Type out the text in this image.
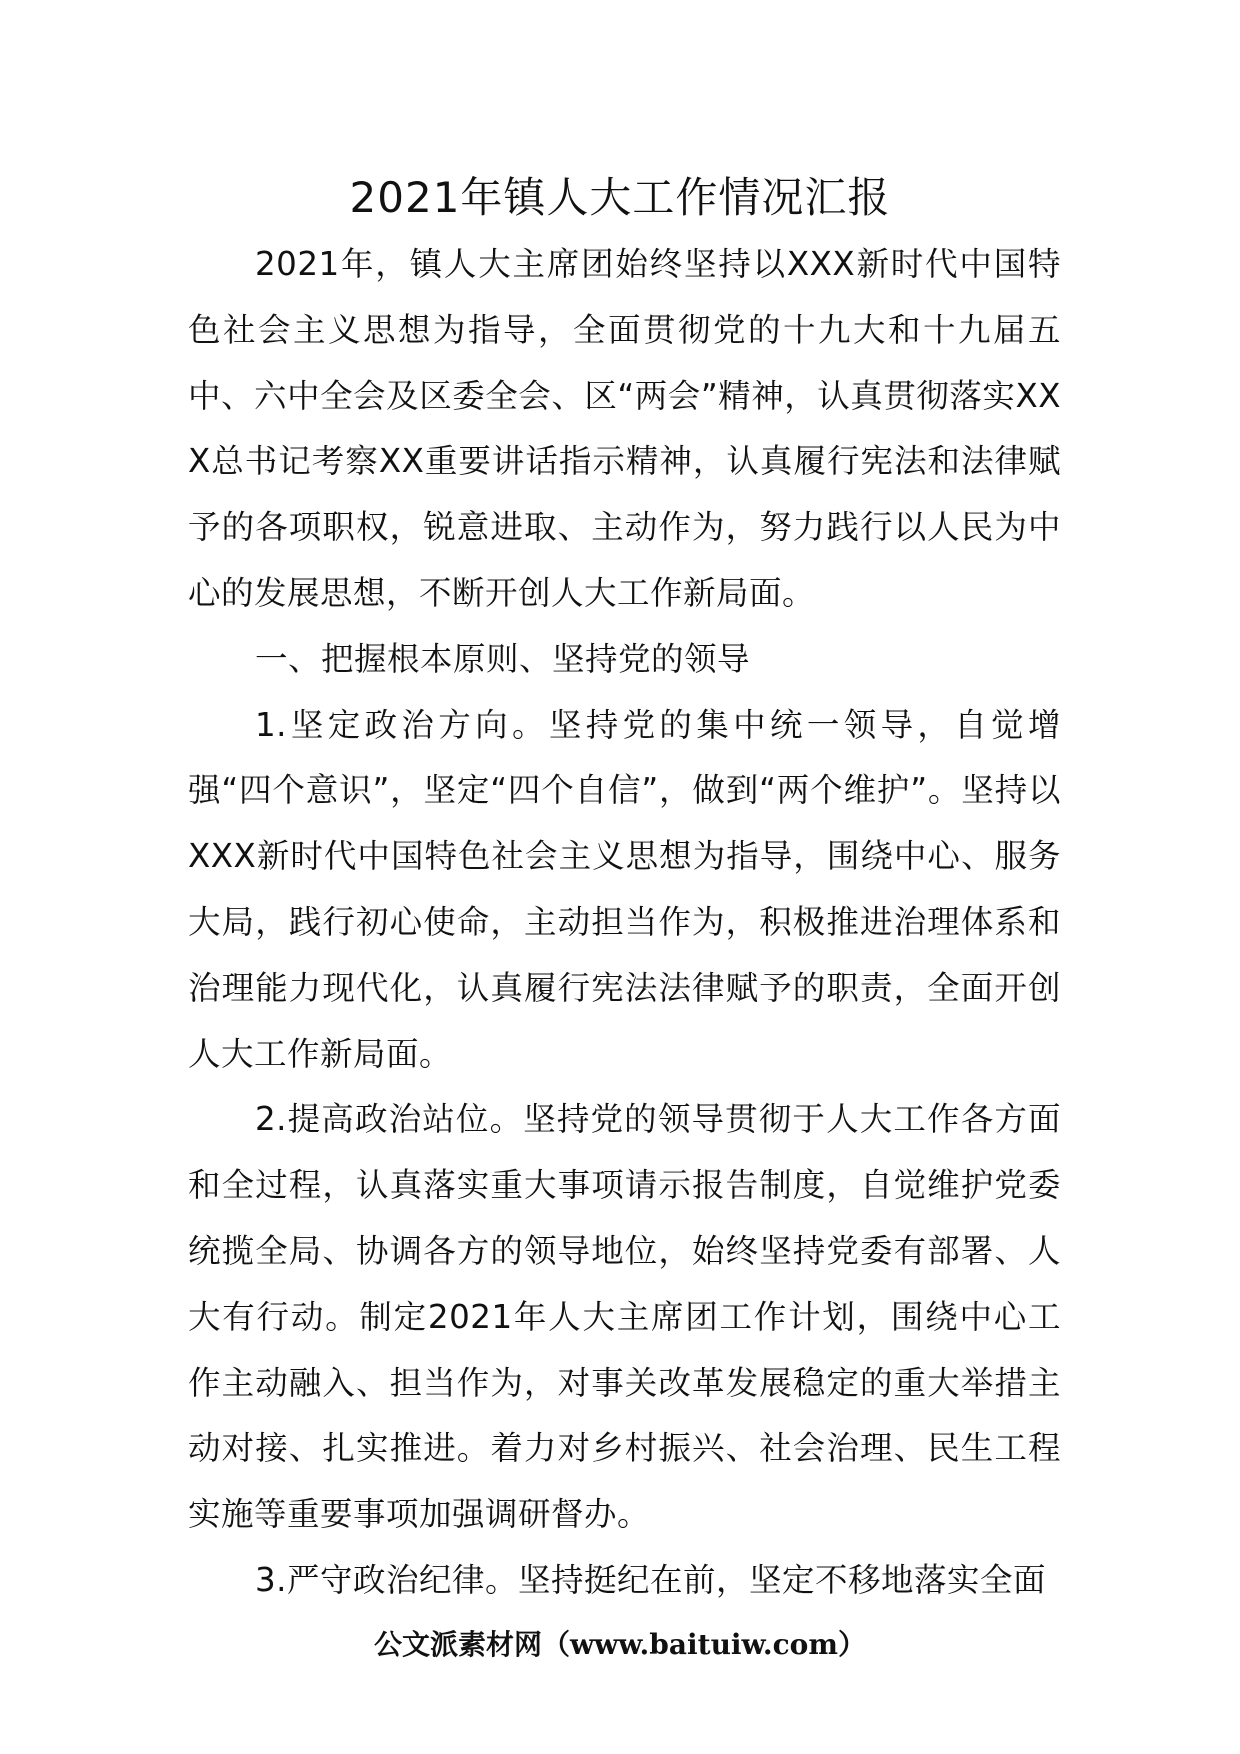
2021年镇人大工作情况汇报

2021年，镇人大主席团始终坚持以XXX新时代中国特色社会主义思想为指导，全面贯彻党的十九大和十九届五中、六中全会及区委全会、区“两会”精神，认真贯彻落实XXX总书记考察XX重要讲话指示精神，认真履行宪法和法律赋予的各项职权，锐意进取、主动作为，努力践行以人民为中心的发展思想，不断开创人大工作新局面。

一、把握根本原则、坚持党的领导

1.坚定政治方向。坚持党的集中统一领导，自觉增强“四个意识”，坚定“四个自信”，做到“两个维护”。坚持以XXX新时代中国特色社会主义思想为指导，围绕中心、服务大局，践行初心使命，主动担当作为，积极推进治理体系和治理能力现代化，认真履行宪法法律赋予的职责，全面开创人大工作新局面。

2.提高政治站位。坚持党的领导贯彻于人大工作各方面和全过程，认真落实重大事项请示报告制度，自觉维护党委统揽全局、协调各方的领导地位，始终坚持党委有部署、人大有行动。制定2021年人大主席团工作计划，围绕中心工作主动融入、担当作为，对事关改革发展稳定的重大举措主动对接、扎实推进。着力对乡村振兴、社会治理、民生工程实施等重要事项加强调研督办。

3.严守政治纪律。坚持挺纪在前，坚定不移地落实全面

公文派素材网（www.baituiw.com）
